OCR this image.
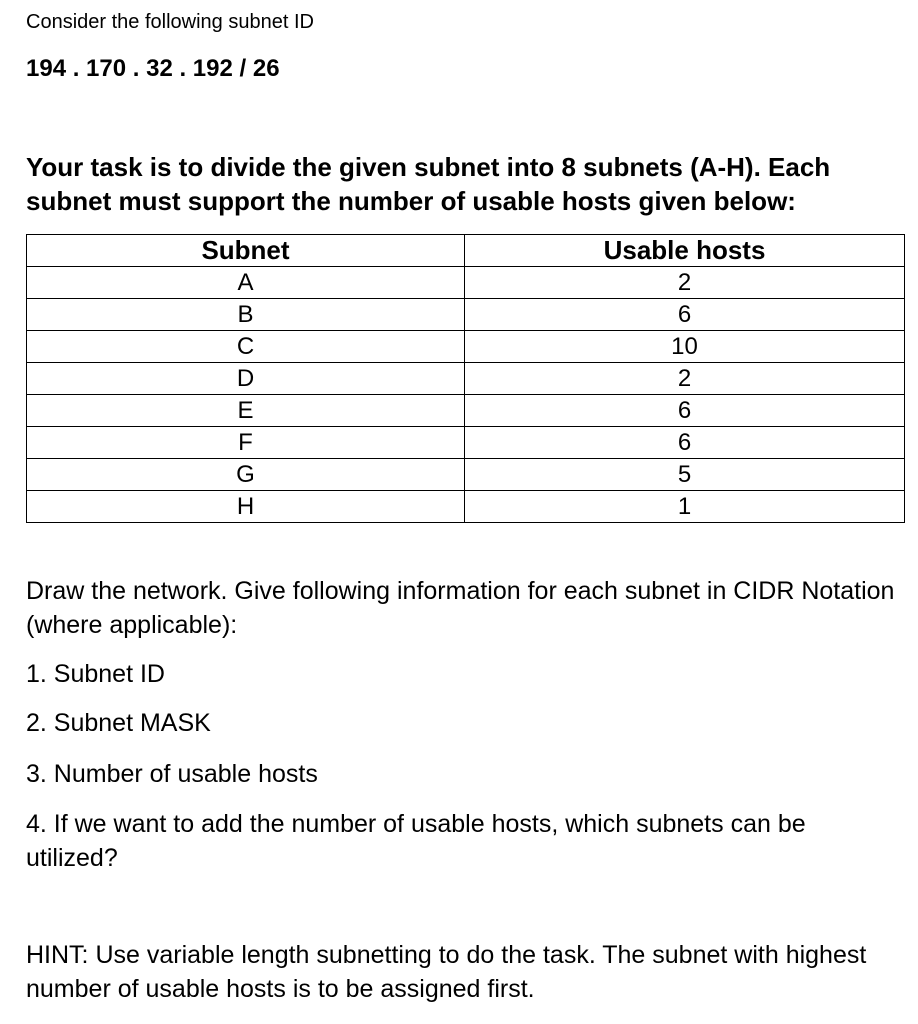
Consider the following subnet ID
194 . 170 . 32 . 192 / 26
Your task is to divide the given subnet into 8 subnets (A-H). Each subnet must support the number of usable hosts given below:
Subnet	Usable hosts
A	2
B	6
C	10
D	2
E	6
F	6
G	5
H	1
Draw the network. Give following information for each subnet in CIDR Notation (where applicable):
1. Subnet ID
2. Subnet MASK
3. Number of usable hosts
4. If we want to add the number of usable hosts, which subnets can be utilized?
HINT: Use variable length subnetting to do the task. The subnet with highest number of usable hosts is to be assigned first.
